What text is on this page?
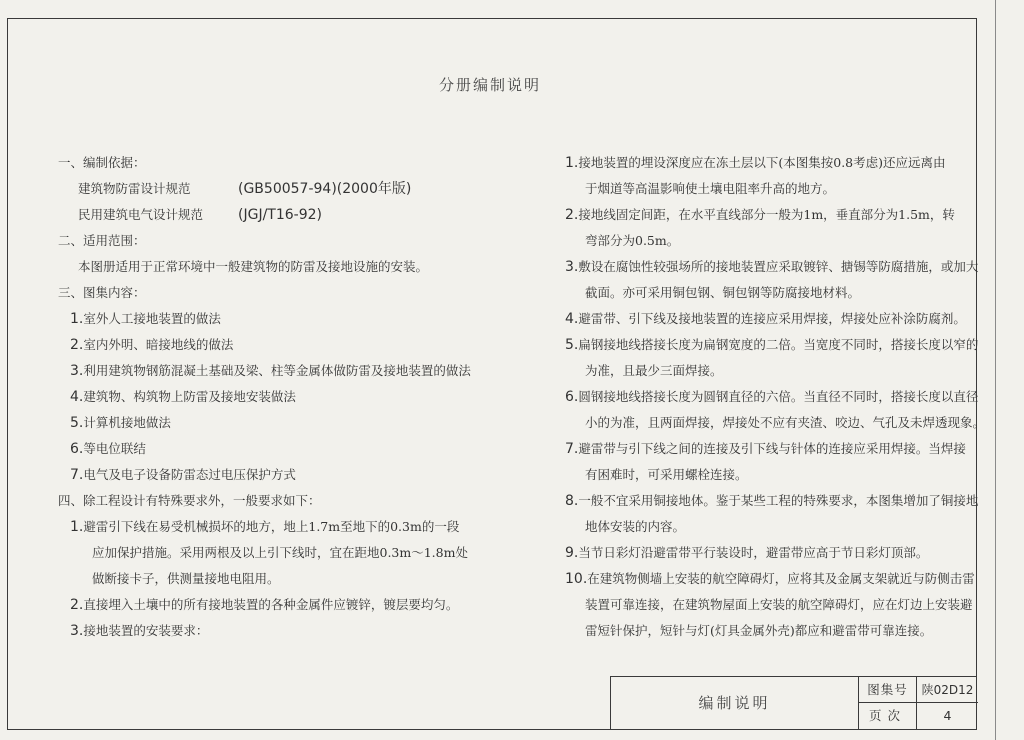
分册编制说明
一、编制依据：
建筑物防雷设计规范	(GB50057-94)(2000年版)
民用建筑电气设计规范 (JGJ/T16-92)
二、适用范围：
本图册适用于正常环境中一般建筑物的防雷及接地设施的安装。
三、图集内容：
1.室外人工接地装置的做法
2.室内外明、暗接地线的做法
3.利用建筑物钢筋混凝土基础及梁、柱等金属体做防雷及接地装置的做法
4.建筑物、构筑物上防雷及接地安装做法
5.计算机接地做法
6.等电位联结
7.电气及电子设备防雷态过电压保护方式
四、除工程设计有特殊要求外，一般要求如下：
1.避雷引下线在易受机械损坏的地方，地上1.7m至地下的0.3m的一段
应加保护措施。采用两根及以上引下线时，宜在距地0.3m～1.8m处
做断接卡子，供测量接地电阻用。
2.直接埋入土壤中的所有接地装置的各种金属件应镀锌，镀层要均匀。
3.接地装置的安装要求：
1.接地装置的埋设深度应在冻土层以下(本图集按0.8考虑)还应远离由
于烟道等高温影响使土壤电阻率升高的地方。
2.接地线固定间距，在水平直线部分一般为1m，垂直部分为1.5m，转
弯部分为0.5m。
3.敷设在腐蚀性较强场所的接地装置应采取镀锌、搪锡等防腐措施，或加大
截面。亦可采用铜包钢、铜包钢等防腐接地材料。
4.避雷带、引下线及接地装置的连接应采用焊接，焊接处应补涂防腐剂。
5.扁钢接地线搭接长度为扁钢宽度的二倍。当宽度不同时，搭接长度以窄的
为准，且最少三面焊接。
6.圆钢接地线搭接长度为圆钢直径的六倍。当直径不同时，搭接长度以直径
小的为准，且两面焊接，焊接处不应有夹渣、咬边、气孔及未焊透现象。
7.避雷带与引下线之间的连接及引下线与针体的连接应采用焊接。当焊接
有困难时，可采用螺栓连接。
8.一般不宜采用铜接地体。鉴于某些工程的特殊要求，本图集增加了铜接地
地体安装的内容。
9.当节日彩灯沿避雷带平行装设时，避雷带应高于节日彩灯顶部。
10.在建筑物侧墙上安装的航空障碍灯，应将其及金属支架就近与防侧击雷
装置可靠连接，在建筑物屋面上安装的航空障碍灯，应在灯边上安装避
雷短针保护，短针与灯(灯具金属外壳)都应和避雷带可靠连接。
编制说明
图集号	陕02D12
页次	4
